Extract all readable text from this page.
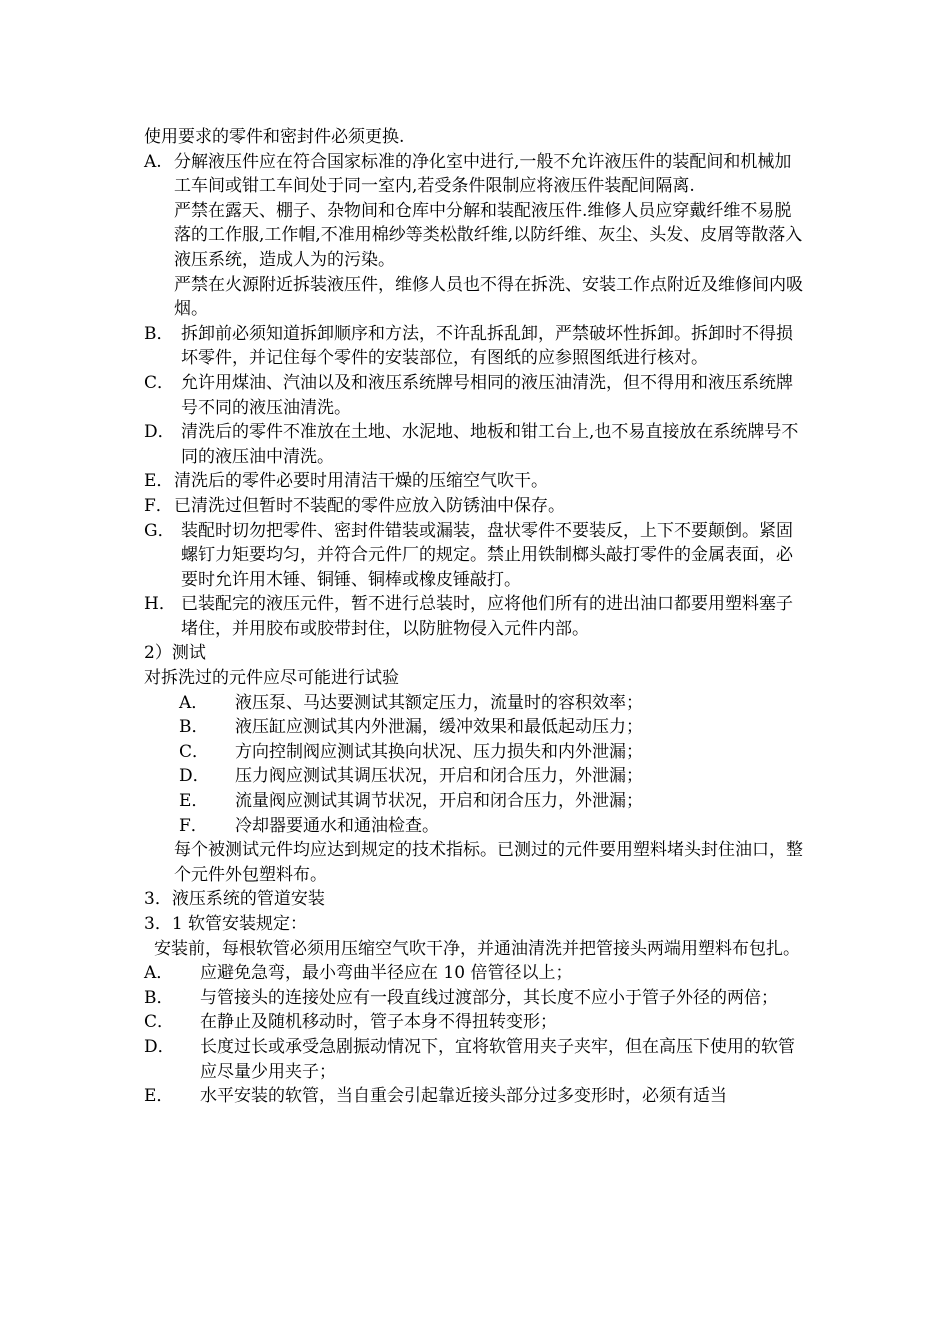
使用要求的零件和密封件必须更换.

A. 分解液压件应在符合国家标准的净化室中进行,一般不允许液压件的装配间和机械加工车间或钳工车间处于同一室内,若受条件限制应将液压件装配间隔离.

严禁在露天、棚子、杂物间和仓库中分解和装配液压件.维修人员应穿戴纤维不易脱落的工作服,工作帽,不准用棉纱等类松散纤维,以防纤维、灰尘、头发、皮屑等散落入液压系统，造成人为的污染。

严禁在火源附近拆装液压件，维修人员也不得在拆洗、安装工作点附近及维修间内吸烟。

B． 拆卸前必须知道拆卸顺序和方法，不许乱拆乱卸，严禁破坏性拆卸。拆卸时不得损坏零件，并记住每个零件的安装部位，有图纸的应参照图纸进行核对。
C． 允许用煤油、汽油以及和液压系统牌号相同的液压油清洗，但不得用和液压系统牌号不同的液压油清洗。
D． 清洗后的零件不准放在土地、水泥地、地板和钳工台上,也不易直接放在系统牌号不同的液压油中清洗。
E． 清洗后的零件必要时用清洁干燥的压缩空气吹干。
F． 已清洗过但暂时不装配的零件应放入防锈油中保存。
G． 装配时切勿把零件、密封件错装或漏装，盘状零件不要装反，上下不要颠倒。紧固螺钉力矩要均匀，并符合元件厂的规定。禁止用铁制榔头敲打零件的金属表面，必要时允许用木锤、铜锤、铜棒或橡皮锤敲打。
H． 已装配完的液压元件，暂不进行总装时，应将他们所有的进出油口都要用塑料塞子堵住，并用胶布或胶带封住，以防脏物侵入元件内部。

2）测试

对拆洗过的元件应尽可能进行试验

A．	液压泵、马达要测试其额定压力，流量时的容积效率；
B．	液压缸应测试其内外泄漏，缓冲效果和最低起动压力；
C．	方向控制阀应测试其换向状况、压力损失和内外泄漏；
D．	压力阀应测试其调压状况，开启和闭合压力，外泄漏；
E．	流量阀应测试其调节状况，开启和闭合压力，外泄漏；
F．	冷却器要通水和通油检查。

每个被测试元件均应达到规定的技术指标。已测过的元件要用塑料堵头封住油口，整个元件外包塑料布。

3．液压系统的管道安装

3．1 软管安装规定：

安装前，每根软管必须用压缩空气吹干净，并通油清洗并把管接头两端用塑料布包扎。

A．	应避免急弯，最小弯曲半径应在 10 倍管径以上；
B．	与管接头的连接处应有一段直线过渡部分，其长度不应小于管子外径的两倍；
C．	在静止及随机移动时，管子本身不得扭转变形；
D．	长度过长或承受急剧振动情况下，宜将软管用夹子夹牢，但在高压下使用的软管应尽量少用夹子；
E．	水平安装的软管，当自重会引起靠近接头部分过多变形时，必须有适当
